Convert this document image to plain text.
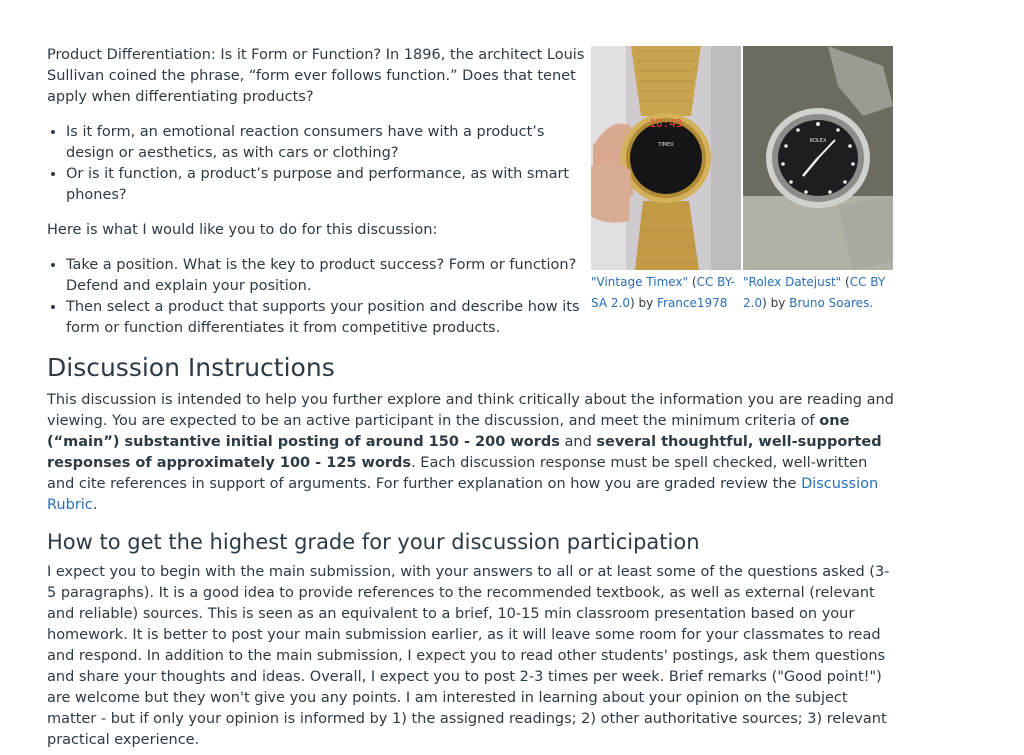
Product Differentiation: Is it Form or Function? In 1896, the architect Louis Sullivan coined the phrase, “form ever follows function.” Does that tenet apply when differentiating products?

• Is it form, an emotional reaction consumers have with a product’s design or aesthetics, as with cars or clothing?
• Or is it function, a product’s purpose and performance, as with smart phones?

Here is what I would like you to do for this discussion:

• Take a position. What is the key to product success? Form or function? Defend and explain your position.
• Then select a product that supports your position and describe how its form or function differentiates it from competitive products.
Discussion Instructions

This discussion is intended to help you further explore and think critically about the information you are reading and viewing. You are expected to be an active participant in the discussion, and meet the minimum criteria of one (“main”) substantive initial posting of around 150 - 200 words and several thoughtful, well-supported responses of approximately 100 - 125 words. Each discussion response must be spell checked, well-written and cite references in support of arguments. For further explanation on how you are graded review the Discussion Rubric.

How to get the highest grade for your discussion participation

I expect you to begin with the main submission, with your answers to all or at least some of the questions asked (3-5 paragraphs). It is a good idea to provide references to the recommended textbook, as well as external (relevant and reliable) sources. This is seen as an equivalent to a brief, 10-15 min classroom presentation based on your homework. It is better to post your main submission earlier, as it will leave some room for your classmates to read and respond. In addition to the main submission, I expect you to read other students' postings, ask them questions and share your thoughts and ideas. Overall, I expect you to post 2-3 times per week. Brief remarks ("Good point!") are welcome but they won't give you any points. I am interested in learning about your opinion on the subject matter - but if only your opinion is informed by 1) the assigned readings; 2) other authoritative sources; 3) relevant practical experience.

10:43
TIMEX
ROLEX
"Vintage Timex" (CC BY-SA 2.0) by France1978
"Rolex Datejust" (CC BY 2.0) by Bruno Soares.
